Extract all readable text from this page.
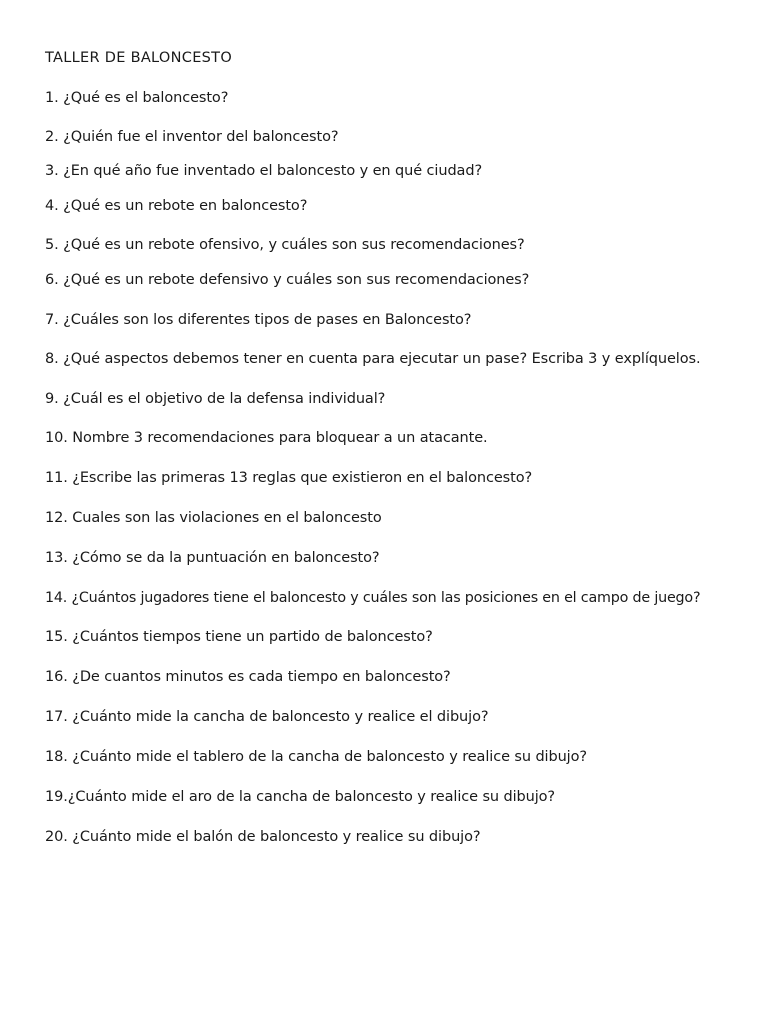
TALLER DE BALONCESTO
1. ¿Qué es el baloncesto?
2. ¿Quién fue el inventor del baloncesto?
3. ¿En qué año fue inventado el baloncesto y en qué ciudad?
4. ¿Qué es un rebote en baloncesto?
5. ¿Qué es un rebote ofensivo, y cuáles son sus recomendaciones?
6. ¿Qué es un rebote defensivo y cuáles son sus recomendaciones?
7. ¿Cuáles son los diferentes tipos de pases en Baloncesto?
8. ¿Qué aspectos debemos tener en cuenta para ejecutar un pase? Escriba 3 y explíquelos.
9. ¿Cuál es el objetivo de la defensa individual?
10. Nombre 3 recomendaciones para bloquear a un atacante.
11. ¿Escribe las primeras 13 reglas que existieron en el baloncesto?
12. Cuales son las violaciones en el baloncesto
13. ¿Cómo se da la puntuación en baloncesto?
14. ¿Cuántos jugadores tiene el baloncesto y cuáles son las posiciones en el campo de juego?
15. ¿Cuántos tiempos tiene un partido de baloncesto?
16. ¿De cuantos minutos es cada tiempo en baloncesto?
17. ¿Cuánto mide la cancha de baloncesto y realice el dibujo?
18. ¿Cuánto mide el tablero de la cancha de baloncesto y realice su dibujo?
19.¿Cuánto mide el aro de la cancha de baloncesto y realice su dibujo?
20. ¿Cuánto mide el balón de baloncesto y realice su dibujo?
